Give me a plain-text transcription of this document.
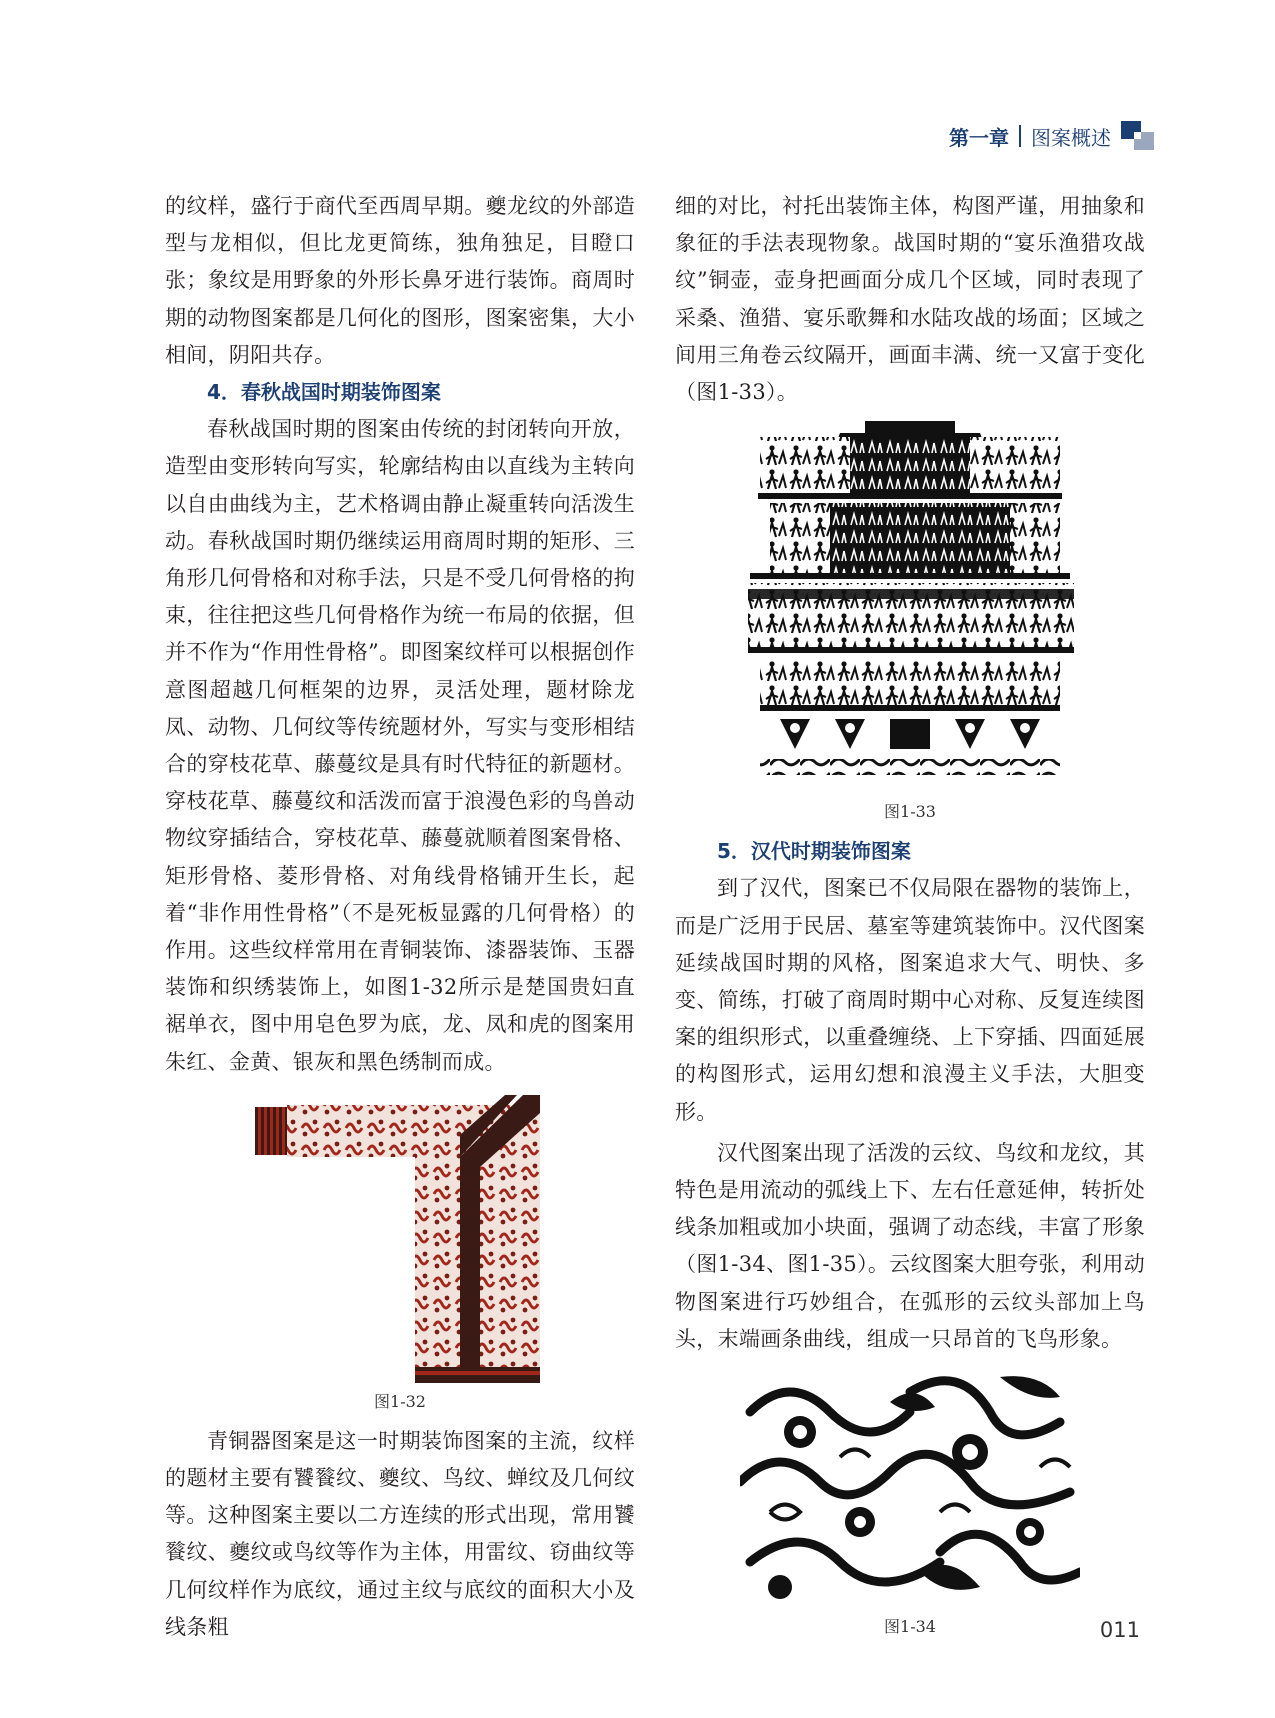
第一章 图案概述

的纹样，盛行于商代至西周早期。夔龙纹的外部造型与龙相似，但比龙更简练，独角独足，目瞪口张；象纹是用野象的外形长鼻牙进行装饰。商周时期的动物图案都是几何化的图形，图案密集，大小相间，阴阳共存。

4．春秋战国时期装饰图案

春秋战国时期的图案由传统的封闭转向开放，造型由变形转向写实，轮廓结构由以直线为主转向以自由曲线为主，艺术格调由静止凝重转向活泼生动。春秋战国时期仍继续运用商周时期的矩形、三角形几何骨格和对称手法，只是不受几何骨格的拘束，往往把这些几何骨格作为统一布局的依据，但并不作为“作用性骨格”。即图案纹样可以根据创作意图超越几何框架的边界，灵活处理，题材除龙凤、动物、几何纹等传统题材外，写实与变形相结合的穿枝花草、藤蔓纹是具有时代特征的新题材。穿枝花草、藤蔓纹和活泼而富于浪漫色彩的鸟兽动物纹穿插结合，穿枝花草、藤蔓就顺着图案骨格、矩形骨格、菱形骨格、对角线骨格铺开生长，起着“非作用性骨格”（不是死板显露的几何骨格）的作用。这些纹样常用在青铜装饰、漆器装饰、玉器装饰和织绣装饰上，如图1-32所示是楚国贵妇直裾单衣，图中用皂色罗为底，龙、凤和虎的图案用朱红、金黄、银灰和黑色绣制而成。

图1-32

青铜器图案是这一时期装饰图案的主流，纹样的题材主要有饕餮纹、夔纹、鸟纹、蝉纹及几何纹等。这种图案主要以二方连续的形式出现，常用饕餮纹、夔纹或鸟纹等作为主体，用雷纹、窃曲纹等几何纹样作为底纹，通过主纹与底纹的面积大小及线条粗

细的对比，衬托出装饰主体，构图严谨，用抽象和象征的手法表现物象。战国时期的“宴乐渔猎攻战纹”铜壶，壶身把画面分成几个区域，同时表现了采桑、渔猎、宴乐歌舞和水陆攻战的场面；区域之间用三角卷云纹隔开，画面丰满、统一又富于变化（图1-33）。

图1-33

5．汉代时期装饰图案

到了汉代，图案已不仅局限在器物的装饰上，而是广泛用于民居、墓室等建筑装饰中。汉代图案延续战国时期的风格，图案追求大气、明快、多变、简练，打破了商周时期中心对称、反复连续图案的组织形式，以重叠缠绕、上下穿插、四面延展的构图形式，运用幻想和浪漫主义手法，大胆变形。

汉代图案出现了活泼的云纹、鸟纹和龙纹，其特色是用流动的弧线上下、左右任意延伸，转折处线条加粗或加小块面，强调了动态线，丰富了形象（图1-34、图1-35）。云纹图案大胆夸张，利用动物图案进行巧妙组合，在弧形的云纹头部加上鸟头，末端画条曲线，组成一只昂首的飞鸟形象。

图1-34	011
